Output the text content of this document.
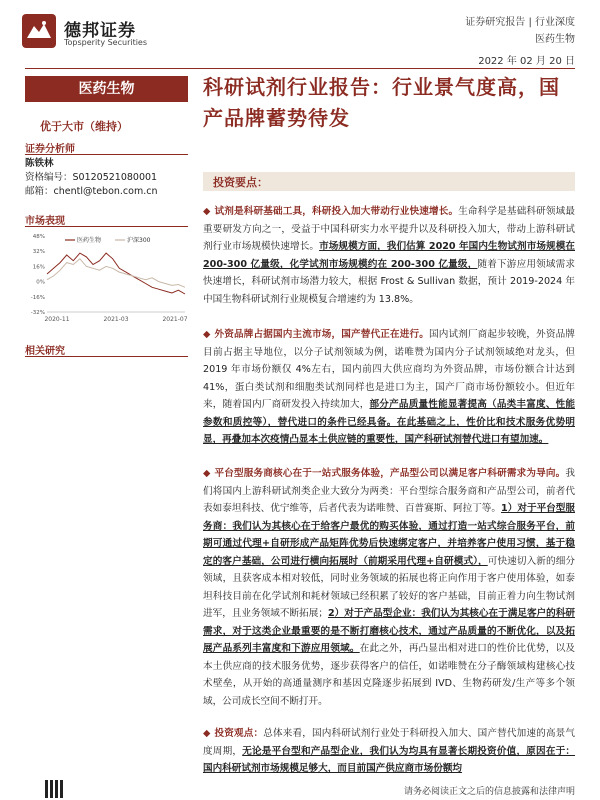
德邦证券
Topsperity Securities
证券研究报告 | 行业深度
医药生物
2022 年 02 月 20 日
医药生物
优于大市（维持）
证券分析师
陈铁林
资格编号：S0120521080001
邮箱：chentl@tebon.com.cn
市场表现
-32%
-16%
0%
16%
32%
48%
2020-11	2021-03	2021-07
医药生物	沪深300
相关研究
科研试剂行业报告：行业景气度高，国产品牌蓄势待发
投资要点：
◆ 试剂是科研基础工具，科研投入加大带动行业快速增长。生命科学是基础科研领域最重要研发方向之一，受益于中国科研实力水平提升以及科研投入加大，带动上游科研试剂行业市场规模快速增长。市场规模方面，我们估算 2020 年国内生物试剂市场规模在 200-300 亿量级，化学试剂市场规模约在 200-300 亿量级，随着下游应用领域需求快速增长，科研试剂市场潜力较大，根据 Frost & Sullivan 数据，预计 2019-2024 年中国生物科研试剂行业规模复合增速约为 13.8%。
◆ 外资品牌占据国内主流市场，国产替代正在进行。国内试剂厂商起步较晚，外资品牌目前占据主导地位，以分子试剂领域为例，诺唯赞为国内分子试剂领域绝对龙头，但 2019 年市场份额仅 4%左右，国内前四大供应商均为外资品牌，市场份额合计达到 41%，蛋白类试剂和细胞类试剂同样也是进口为主，国产厂商市场份额较小。但近年来，随着国内厂商研发投入持续加大，部分产品质量性能显著提高（品类丰富度、性能参数和质控等），替代进口的条件已经具备。在此基础之上，性价比和技术服务优势明显，再叠加本次疫情凸显本土供应链的重要性，国产科研试剂替代进口有望加速。
◆ 平台型服务商核心在于一站式服务体验，产品型公司以满足客户科研需求为导向。我们将国内上游科研试剂类企业大致分为两类：平台型综合服务商和产品型公司，前者代表如泰坦科技、优宁维等，后者代表为诺唯赞、百普赛斯、阿拉丁等。1）对于平台型服务商：我们认为其核心在于给客户最优的购买体验，通过打造一站式综合服务平台，前期可通过代理+自研形成产品矩阵优势后快速绑定客户，并培养客户使用习惯，基于稳定的客户基础，公司进行横向拓展时（前期采用代理+自研模式），可快速切入新的细分领域，且获客成本相对较低，同时业务领域的拓展也将正向作用于客户使用体验，如泰坦科技目前在化学试剂和耗材领域已经积累了较好的客户基础，目前正着力向生物试剂进军，且业务领域不断拓展；2）对于产品型企业：我们认为其核心在于满足客户的科研需求，对于这类企业最重要的是不断打磨核心技术，通过产品质量的不断优化，以及拓展产品系列丰富度和下游应用领域。在此之外，再凸显出相对进口的性价比优势，以及本土供应商的技术服务优势，逐步获得客户的信任，如诺唯赞在分子酶领域构建核心技术壁垒，从开始的高通量测序和基因克隆逐步拓展到 IVD、生物药研发/生产等多个领域，公司成长空间不断打开。
◆ 投资观点：总体来看，国内科研试剂行业处于科研投入加大、国产替代加速的高景气度周期，无论是平台型和产品型企业，我们认为均具有显著长期投资价值，原因在于：国内科研试剂市场规模足够大，而目前国产供应商市场份额均
请务必阅读正文之后的信息披露和法律声明
